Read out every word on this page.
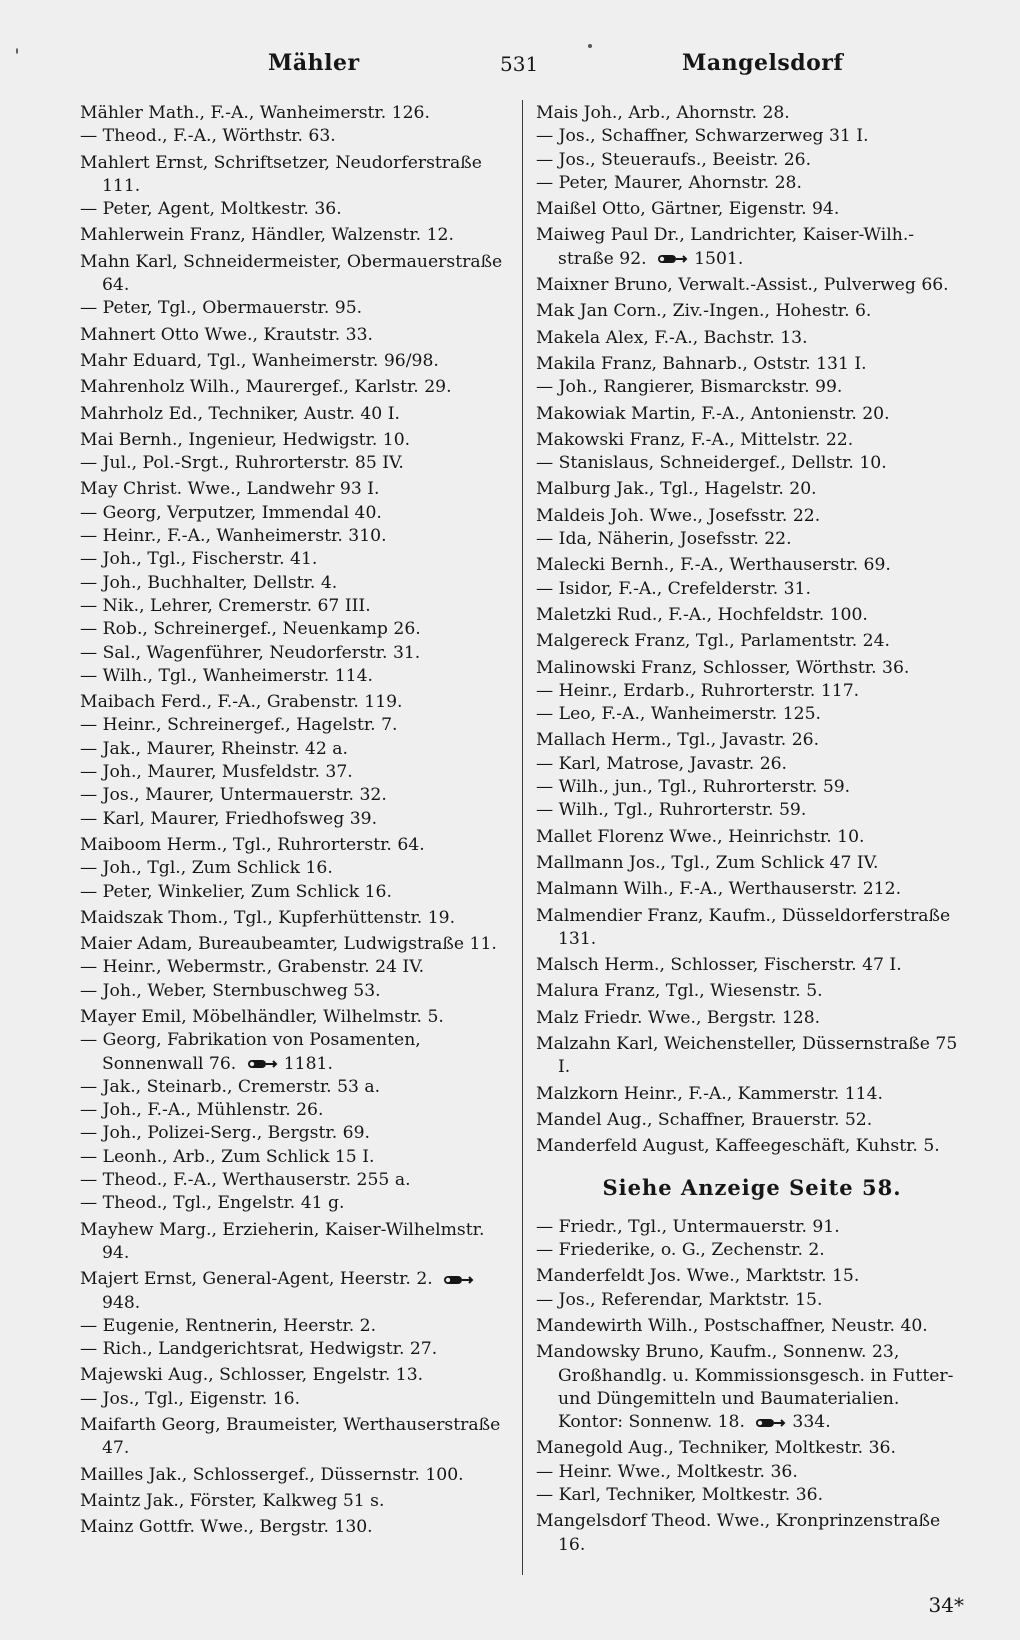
Mähler	531	Mangelsdorf

Mähler Math., F.-A., Wanheimerstr. 126.

— Theod., F.-A., Wörthstr. 63.

Mahlert Ernst, Schriftsetzer, Neudorferstraße 111.

— Peter, Agent, Moltkestr. 36.

Mahlerwein Franz, Händler, Walzenstr. 12.

Mahn Karl, Schneidermeister, Obermauerstraße 64.

— Peter, Tgl., Obermauerstr. 95.

Mahnert Otto Wwe., Krautstr. 33.

Mahr Eduard, Tgl., Wanheimerstr. 96/98.

Mahrenholz Wilh., Maurergef., Karlstr. 29.

Mahrholz Ed., Techniker, Austr. 40 I.

Mai Bernh., Ingenieur, Hedwigstr. 10.

— Jul., Pol.-Srgt., Ruhrorterstr. 85 IV.

May Christ. Wwe., Landwehr 93 I.

— Georg, Verputzer, Immendal 40.

— Heinr., F.-A., Wanheimerstr. 310.

— Joh., Tgl., Fischerstr. 41.

— Joh., Buchhalter, Dellstr. 4.

— Nik., Lehrer, Cremerstr. 67 III.

— Rob., Schreinergef., Neuenkamp 26.

— Sal., Wagenführer, Neudorferstr. 31.

— Wilh., Tgl., Wanheimerstr. 114.

Maibach Ferd., F.-A., Grabenstr. 119.

— Heinr., Schreinergef., Hagelstr. 7.

— Jak., Maurer, Rheinstr. 42 a.

— Joh., Maurer, Musfeldstr. 37.

— Jos., Maurer, Untermauerstr. 32.

— Karl, Maurer, Friedhofsweg 39.

Maiboom Herm., Tgl., Ruhrorterstr. 64.

— Joh., Tgl., Zum Schlick 16.

— Peter, Winkelier, Zum Schlick 16.

Maidszak Thom., Tgl., Kupferhüttenstr. 19.

Maier Adam, Bureaubeamter, Ludwigstraße 11.

— Heinr., Webermstr., Grabenstr. 24 IV.

— Joh., Weber, Sternbuschweg 53.

Mayer Emil, Möbelhändler, Wilhelmstr. 5.

— Georg, Fabrikation von Posamenten, Sonnenwall 76. 1181.

— Jak., Steinarb., Cremerstr. 53 a.

— Joh., F.-A., Mühlenstr. 26.

— Joh., Polizei-Serg., Bergstr. 69.

— Leonh., Arb., Zum Schlick 15 I.

— Theod., F.-A., Werthauserstr. 255 a.

— Theod., Tgl., Engelstr. 41 g.

Mayhew Marg., Erzieherin, Kaiser-Wilhelmstr. 94.

Majert Ernst, General-Agent, Heerstr. 2. 948.

— Eugenie, Rentnerin, Heerstr. 2.

— Rich., Landgerichtsrat, Hedwigstr. 27.

Majewski Aug., Schlosser, Engelstr. 13.

— Jos., Tgl., Eigenstr. 16.

Maifarth Georg, Braumeister, Werthauserstraße 47.

Mailles Jak., Schlossergef., Düssernstr. 100.

Maintz Jak., Förster, Kalkweg 51 s.

Mainz Gottfr. Wwe., Bergstr. 130.

Mais Joh., Arb., Ahornstr. 28.

— Jos., Schaffner, Schwarzerweg 31 I.

— Jos., Steueraufs., Beeistr. 26.

— Peter, Maurer, Ahornstr. 28.

Maißel Otto, Gärtner, Eigenstr. 94.

Maiweg Paul Dr., Landrichter, Kaiser-Wilh.-straße 92. 1501.

Maixner Bruno, Verwalt.-Assist., Pulverweg 66.

Mak Jan Corn., Ziv.-Ingen., Hohestr. 6.

Makela Alex, F.-A., Bachstr. 13.

Makila Franz, Bahnarb., Oststr. 131 I.

— Joh., Rangierer, Bismarckstr. 99.

Makowiak Martin, F.-A., Antonienstr. 20.

Makowski Franz, F.-A., Mittelstr. 22.

— Stanislaus, Schneidergef., Dellstr. 10.

Malburg Jak., Tgl., Hagelstr. 20.

Maldeis Joh. Wwe., Josefsstr. 22.

— Ida, Näherin, Josefsstr. 22.

Malecki Bernh., F.-A., Werthauserstr. 69.

— Isidor, F.-A., Crefelderstr. 31.

Maletzki Rud., F.-A., Hochfeldstr. 100.

Malgereck Franz, Tgl., Parlamentstr. 24.

Malinowski Franz, Schlosser, Wörthstr. 36.

— Heinr., Erdarb., Ruhrorterstr. 117.

— Leo, F.-A., Wanheimerstr. 125.

Mallach Herm., Tgl., Javastr. 26.

— Karl, Matrose, Javastr. 26.

— Wilh., jun., Tgl., Ruhrorterstr. 59.

— Wilh., Tgl., Ruhrorterstr. 59.

Mallet Florenz Wwe., Heinrichstr. 10.

Mallmann Jos., Tgl., Zum Schlick 47 IV.

Malmann Wilh., F.-A., Werthauserstr. 212.

Malmendier Franz, Kaufm., Düsseldorferstraße 131.

Malsch Herm., Schlosser, Fischerstr. 47 I.

Malura Franz, Tgl., Wiesenstr. 5.

Malz Friedr. Wwe., Bergstr. 128.

Malzahn Karl, Weichensteller, Düssernstraße 75 I.

Malzkorn Heinr., F.-A., Kammerstr. 114.

Mandel Aug., Schaffner, Brauerstr. 52.

Manderfeld August, Kaffeegeschäft, Kuhstr. 5.

Siehe Anzeige Seite 58.

— Friedr., Tgl., Untermauerstr. 91.

— Friederike, o. G., Zechenstr. 2.

Manderfeldt Jos. Wwe., Marktstr. 15.

— Jos., Referendar, Marktstr. 15.

Mandewirth Wilh., Postschaffner, Neustr. 40.

Mandowsky Bruno, Kaufm., Sonnenw. 23, Großhandlg. u. Kommissionsgesch. in Futter- und Düngemitteln und Baumaterialien. Kontor: Sonnenw. 18. 334.

Manegold Aug., Techniker, Moltkestr. 36.

— Heinr. Wwe., Moltkestr. 36.

— Karl, Techniker, Moltkestr. 36.

Mangelsdorf Theod. Wwe., Kronprinzenstraße 16.

34*
